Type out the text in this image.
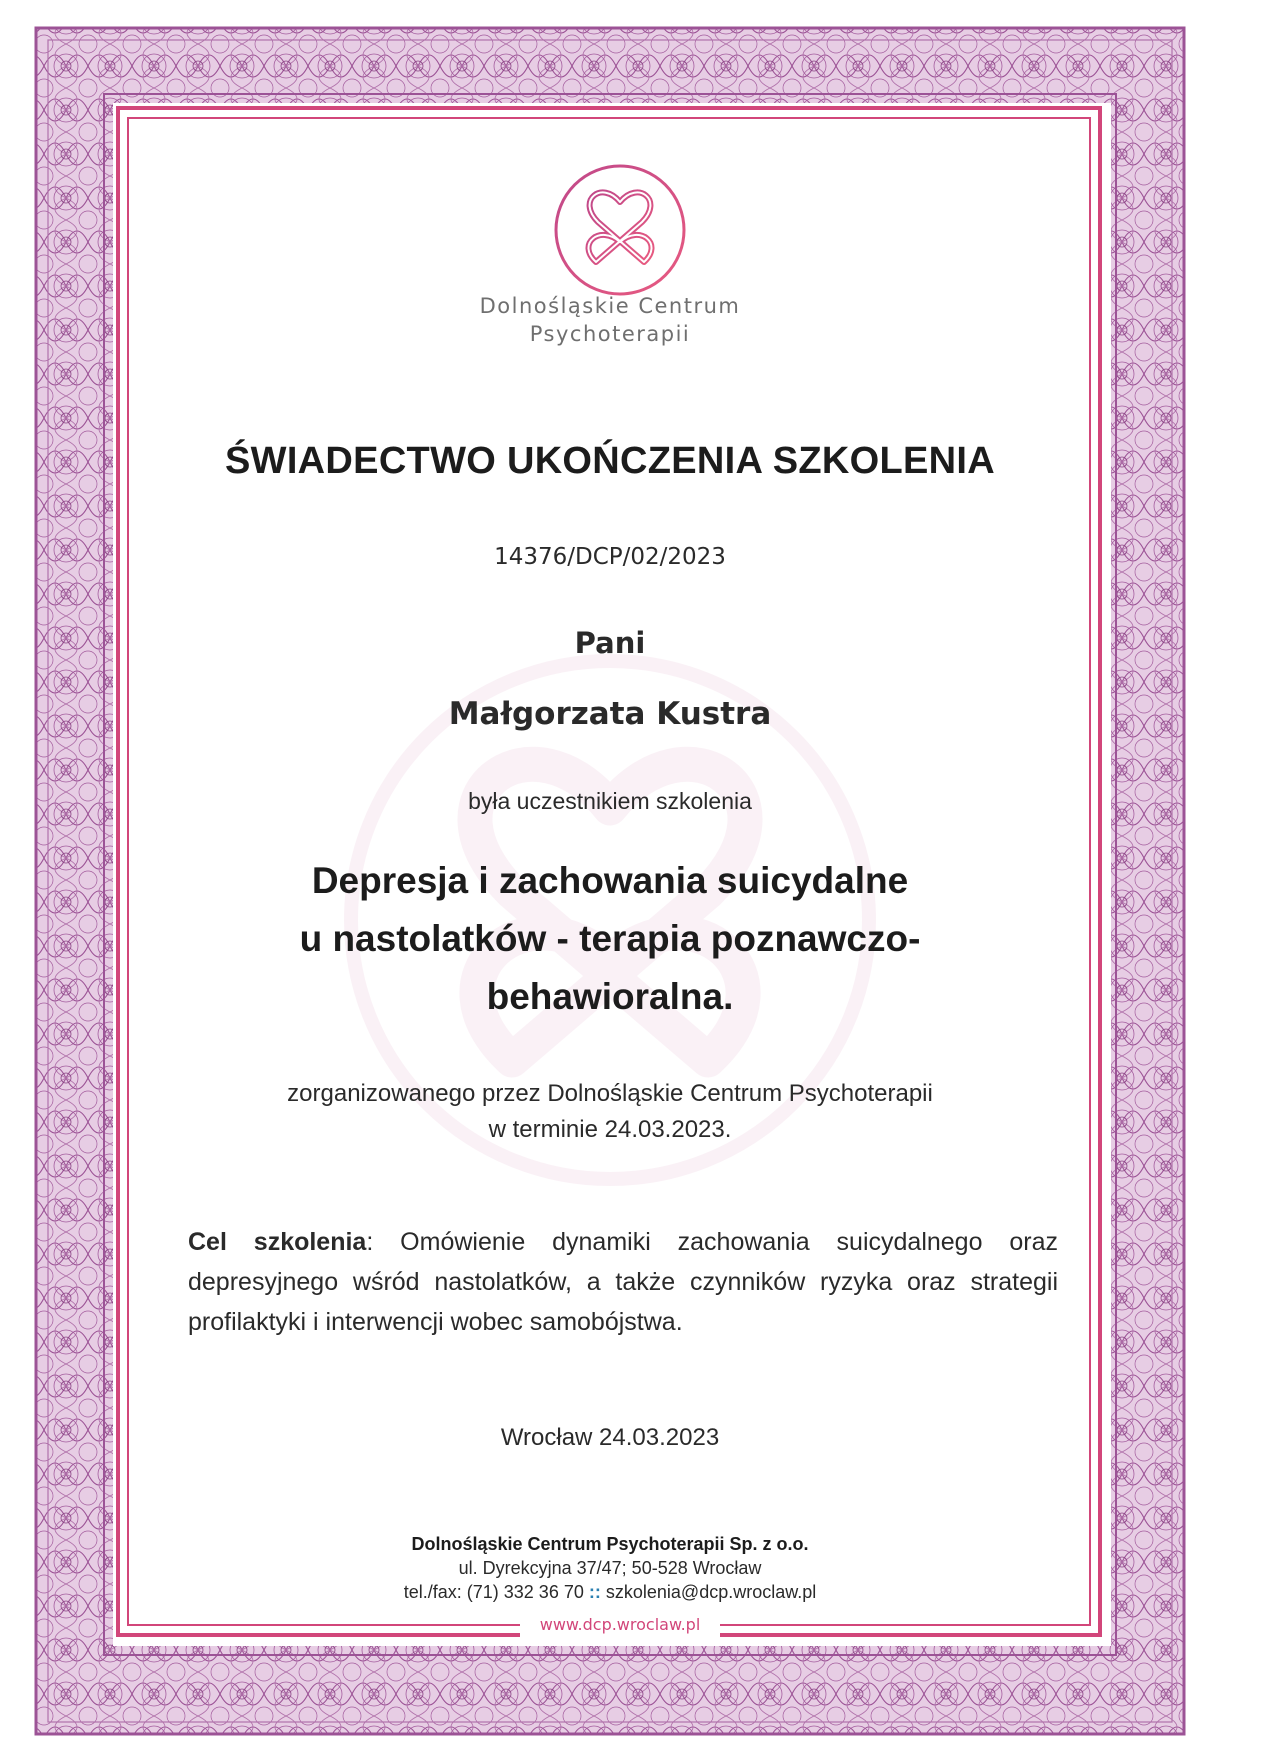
Dolnośląskie Centrum
Psychoterapii
ŚWIADECTWO UKOŃCZENIA SZKOLENIA
14376/DCP/02/2023
Pani
Małgorzata Kustra
była uczestnikiem szkolenia
Depresja i zachowania suicydalne
u nastolatków - terapia poznawczo-
behawioralna.
zorganizowanego przez Dolnośląskie Centrum Psychoterapii
w terminie 24.03.2023.
Cel szkolenia: Omówienie dynamiki zachowania suicydalnego oraz depresyjnego wśród nastolatków, a także czynników ryzyka oraz strategii profilaktyki i interwencji wobec samobójstwa.
Wrocław 24.03.2023
Dolnośląskie Centrum Psychoterapii Sp. z o.o.
ul. Dyrekcyjna 37/47; 50-528 Wrocław
tel./fax: (71) 332 36 70 :: szkolenia@dcp.wroclaw.pl
www.dcp.wroclaw.pl
